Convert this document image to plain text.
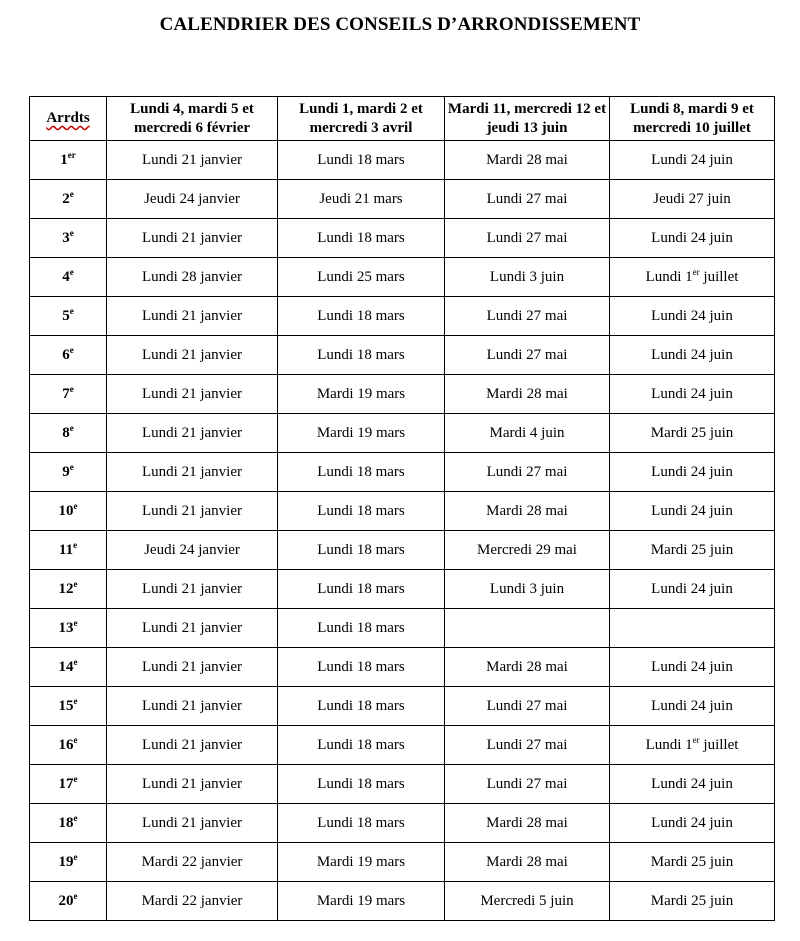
CALENDRIER DES CONSEILS D’ARRONDISSEMENT
Arrdts	Lundi 4, mardi 5 et mercredi 6 février	Lundi 1, mardi 2 et mercredi 3 avril	Mardi 11, mercredi 12 et jeudi 13 juin	Lundi 8, mardi 9 et mercredi 10 juillet
1er	Lundi 21 janvier	Lundi 18 mars	Mardi 28 mai	Lundi 24 juin
2e	Jeudi 24 janvier	Jeudi 21 mars	Lundi 27 mai	Jeudi 27 juin
3e	Lundi 21 janvier	Lundi 18 mars	Lundi 27 mai	Lundi 24 juin
4e	Lundi 28 janvier	Lundi 25 mars	Lundi 3 juin	Lundi 1er juillet
5e	Lundi 21 janvier	Lundi 18 mars	Lundi 27 mai	Lundi 24 juin
6e	Lundi 21 janvier	Lundi 18 mars	Lundi 27 mai	Lundi 24 juin
7e	Lundi 21 janvier	Mardi 19 mars	Mardi 28 mai	Lundi 24 juin
8e	Lundi 21 janvier	Mardi 19 mars	Mardi 4 juin	Mardi 25 juin
9e	Lundi 21 janvier	Lundi 18 mars	Lundi 27 mai	Lundi 24 juin
10e	Lundi 21 janvier	Lundi 18 mars	Mardi 28 mai	Lundi 24 juin
11e	Jeudi 24 janvier	Lundi 18 mars	Mercredi 29 mai	Mardi 25 juin
12e	Lundi 21 janvier	Lundi 18 mars	Lundi 3 juin	Lundi 24 juin
13e	Lundi 21 janvier	Lundi 18 mars		
14e	Lundi 21 janvier	Lundi 18 mars	Mardi 28 mai	Lundi 24 juin
15e	Lundi 21 janvier	Lundi 18 mars	Lundi 27 mai	Lundi 24 juin
16e	Lundi 21 janvier	Lundi 18 mars	Lundi 27 mai	Lundi 1er juillet
17e	Lundi 21 janvier	Lundi 18 mars	Lundi 27 mai	Lundi 24 juin
18e	Lundi 21 janvier	Lundi 18 mars	Mardi 28 mai	Lundi 24 juin
19e	Mardi 22 janvier	Mardi 19 mars	Mardi 28 mai	Mardi 25 juin
20e	Mardi 22 janvier	Mardi 19 mars	Mercredi 5 juin	Mardi 25 juin
